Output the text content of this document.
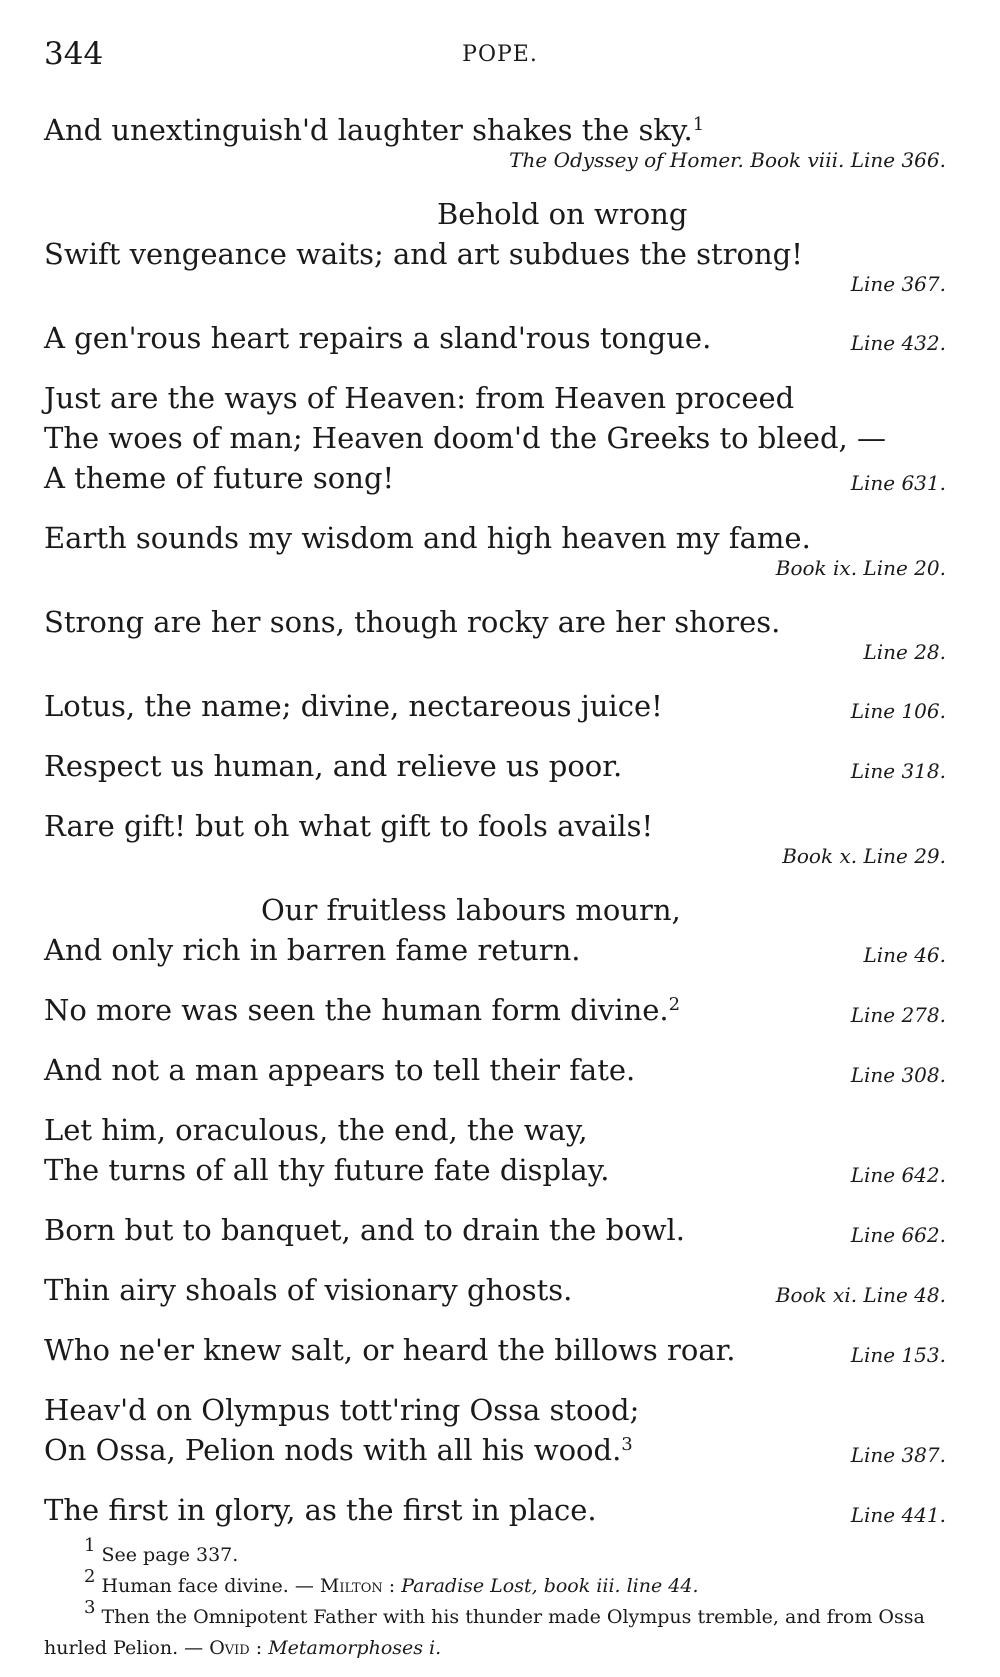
344	POPE.
And unextinguish'd laughter shakes the sky.$^1$
The Odyssey of Homer. Book viii. Line 366.
Behold on wrong
Swift vengeance waits; and art subdues the strong!
Line 367.
A gen'rous heart repairs a sland'rous tongue.	Line 432.
Just are the ways of Heaven: from Heaven proceed
The woes of man; Heaven doom'd the Greeks to bleed, —
A theme of future song!	Line 631.
Earth sounds my wisdom and high heaven my fame.
Book ix. Line 20.
Strong are her sons, though rocky are her shores.
Line 28.
Lotus, the name; divine, nectareous juice!	Line 106.
Respect us human, and relieve us poor.	Line 318.
Rare gift! but oh what gift to fools avails!
Book x. Line 29.
Our fruitless labours mourn,
And only rich in barren fame return.	Line 46.
No more was seen the human form divine.$^2$	Line 278.
And not a man appears to tell their fate.	Line 308.
Let him, oraculous, the end, the way,
The turns of all thy future fate display.	Line 642.
Born but to banquet, and to drain the bowl.	Line 662.
Thin airy shoals of visionary ghosts.	Book xi. Line 48.
Who ne'er knew salt, or heard the billows roar.	Line 153.
Heav'd on Olympus tott'ring Ossa stood;
On Ossa, Pelion nods with all his wood.$^3$	Line 387.
The first in glory, as the first in place.	Line 441.
$^1$ See page 337.
$^2$ Human face divine. — Milton : Paradise Lost, book iii. line 44.
$^3$ Then the Omnipotent Father with his thunder made Olympus tremble, and from Ossa hurled Pelion. — Ovid : Metamorphoses i.
